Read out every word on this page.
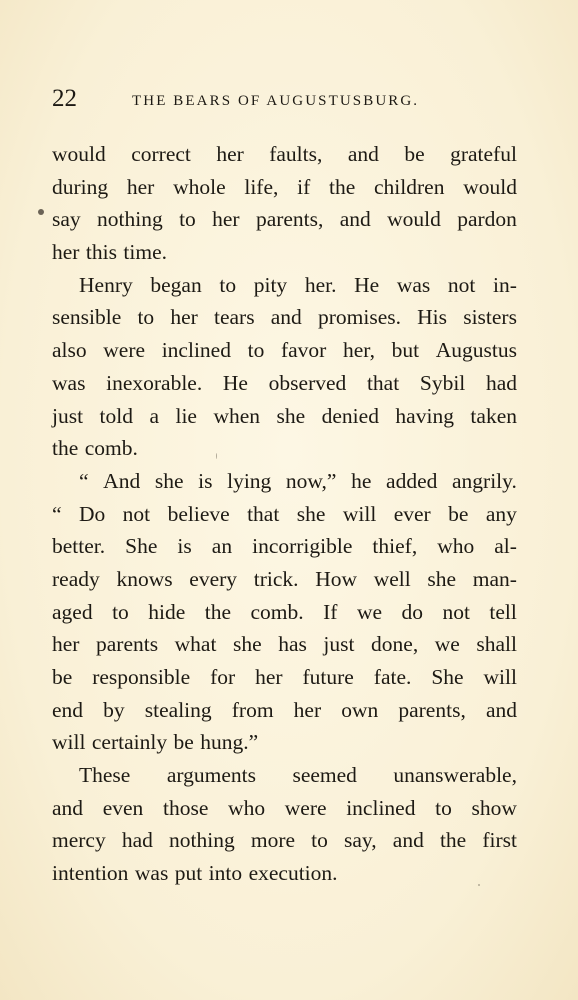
22	THE BEARS OF AUGUSTUSBURG.
would correct her faults, and be grateful
during her whole life, if the children would
say nothing to her parents, and would pardon
her this time.
Henry began to pity her. He was not in-
sensible to her tears and promises. His sisters
also were inclined to favor her, but Augustus
was inexorable. He observed that Sybil had
just told a lie when she denied having taken
the comb.
“ And she is lying now,” he added angrily.
“ Do not believe that she will ever be any
better. She is an incorrigible thief, who al-
ready knows every trick. How well she man-
aged to hide the comb. If we do not tell
her parents what she has just done, we shall
be responsible for her future fate. She will
end by stealing from her own parents, and
will certainly be hung.”
These arguments seemed unanswerable,
and even those who were inclined to show
mercy had nothing more to say, and the first
intention was put into execution.
